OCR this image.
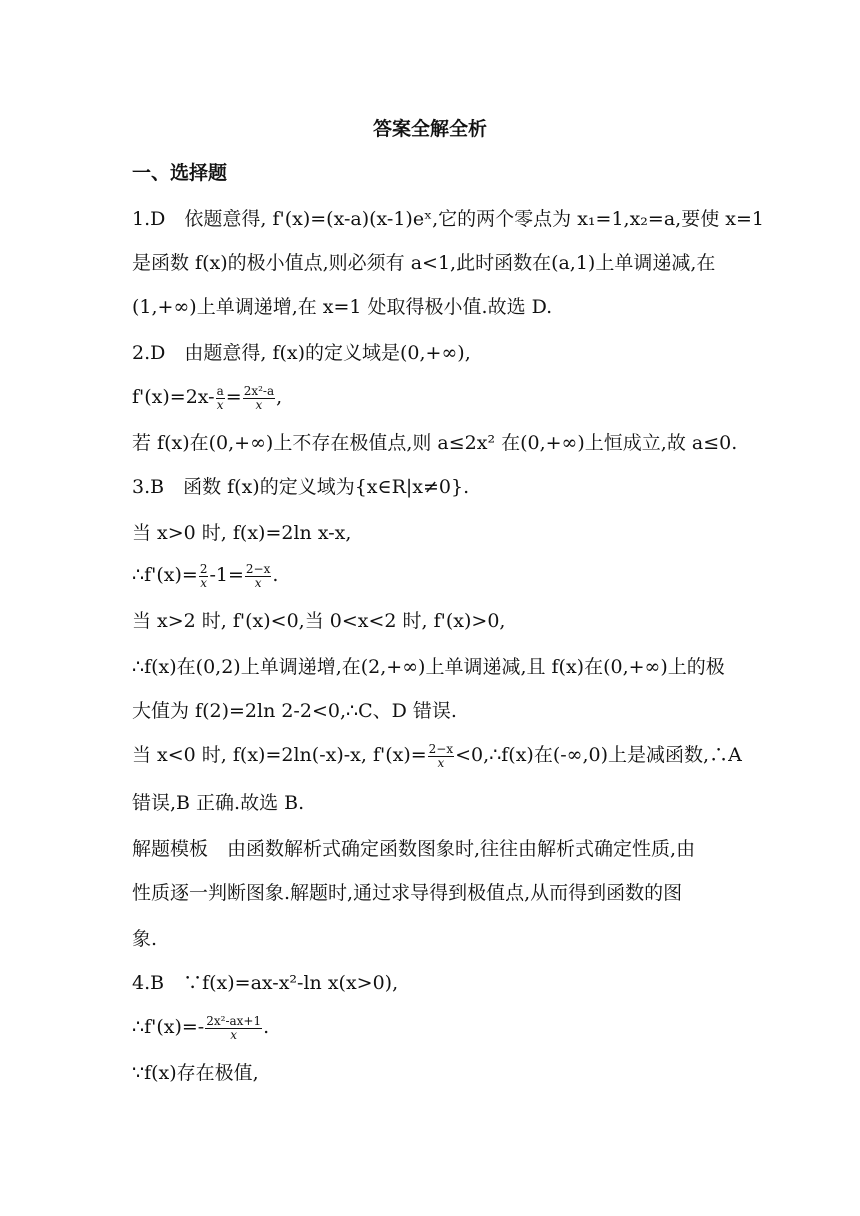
答案全解全析
一、选择题
1.D　依题意得, f'(x)=(x-a)(x-1)eˣ,它的两个零点为 x₁=1,x₂=a,要使 x=1
是函数 f(x)的极小值点,则必须有 a<1,此时函数在(a,1)上单调递减,在
(1,+∞)上单调递增,在 x=1 处取得极小值.故选 D.
2.D　由题意得, f(x)的定义域是(0,+∞),
$f'(x)=2x- \frac{a}{x} = \frac{\text{2x²-a}}{x}$ ,
若 f(x)在(0,+∞)上不存在极值点,则 a≤2x² 在(0,+∞)上恒成立,故 a≤0.
3.B　函数 f(x)的定义域为{x∈R|x≠0}.
当 x>0 时, f(x)=2ln x-x,
∴f'(x)= $\frac{2}{x} -1= \frac{2-x}{x}$ .
当 x>2 时, f'(x)<0,当 0<x<2 时, f'(x)>0,
∴f(x)在(0,2)上单调递增,在(2,+∞)上单调递减,且 f(x)在(0,+∞)上的极
大值为 f(2)=2ln 2-2<0,∴C、D 错误.
当 x<0 时, f(x)=2ln(-x)-x, $f'(x)= \frac{2-x}{x}$ <0,∴f(x)在(-∞,0)上是减函数,∴A
错误,B 正确.故选 B.
解题模板　由函数解析式确定函数图象时,往往由解析式确定性质,由
性质逐一判断图象.解题时,通过求导得到极值点,从而得到函数的图
象.
4.B　∵f(x)=ax-x²-ln x(x>0),
∴f'(x)=- $\frac{\text{2x²-ax+1}}{x}$ .
∵f(x)存在极值,
